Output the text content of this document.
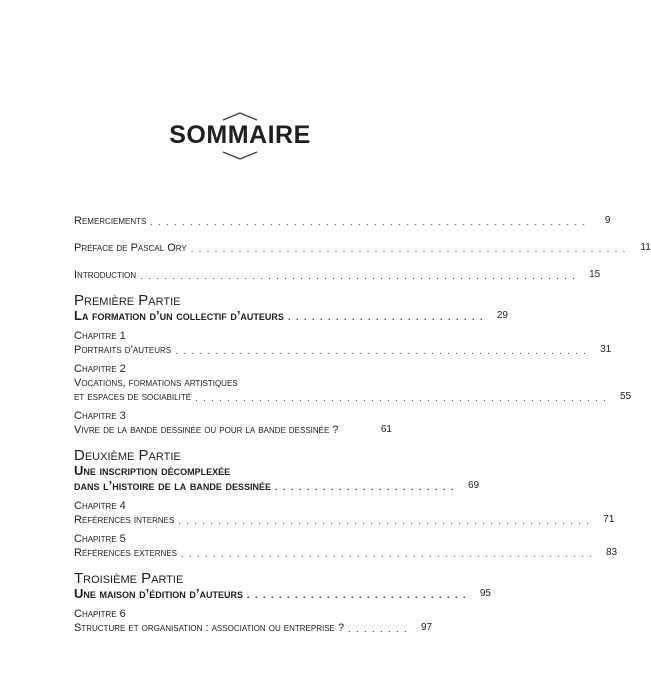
SOMMAIRE
Remerciements . . . . . . . . . . . . . . . . . . . . . . . . . . . . . . . . . . . . . . . . . . . . . . . . . . . . . . .	9
Préface de Pascal Ory . . . . . . . . . . . . . . . . . . . . . . . . . . . . . . . . . . . . . . . . . . . . . . . . . . . . . . .	11
Introduction . . . . . . . . . . . . . . . . . . . . . . . . . . . . . . . . . . . . . . . . . . . . . . . . . . . . . . .	15
Première Partie
La formation d’un collectif d’auteurs . . . . . . . . . . . . . . . . . . . . . . . . .	29
Chapitre 1
Portraits d’auteurs . . . . . . . . . . . . . . . . . . . . . . . . . . . . . . . . . . . . . . . . . . . . . . . . . . . .	31
Chapitre 2
Vocations, formations artistiques
et espaces de sociabilité . . . . . . . . . . . . . . . . . . . . . . . . . . . . . . . . . . . . . . . . . . . . . . . . . . . .	55
Chapitre 3
Vivre de la bande dessinée ou pour la bande dessinée ?	61
Deuxième Partie
Une inscription décomplexée
dans l’histoire de la bande dessinée . . . . . . . . . . . . . . . . . . . . . . .	69
Chapitre 4
Références internes . . . . . . . . . . . . . . . . . . . . . . . . . . . . . . . . . . . . . . . . . . . . . . . . . . . .	71
Chapitre 5
Références externes . . . . . . . . . . . . . . . . . . . . . . . . . . . . . . . . . . . . . . . . . . . . . . . . . . . .	83
Troisième Partie
Une maison d’édition d’auteurs . . . . . . . . . . . . . . . . . . . . . . . . . . . .	95
Chapitre 6
Structure et organisation : association ou entreprise ? . . . . . . . .	97
